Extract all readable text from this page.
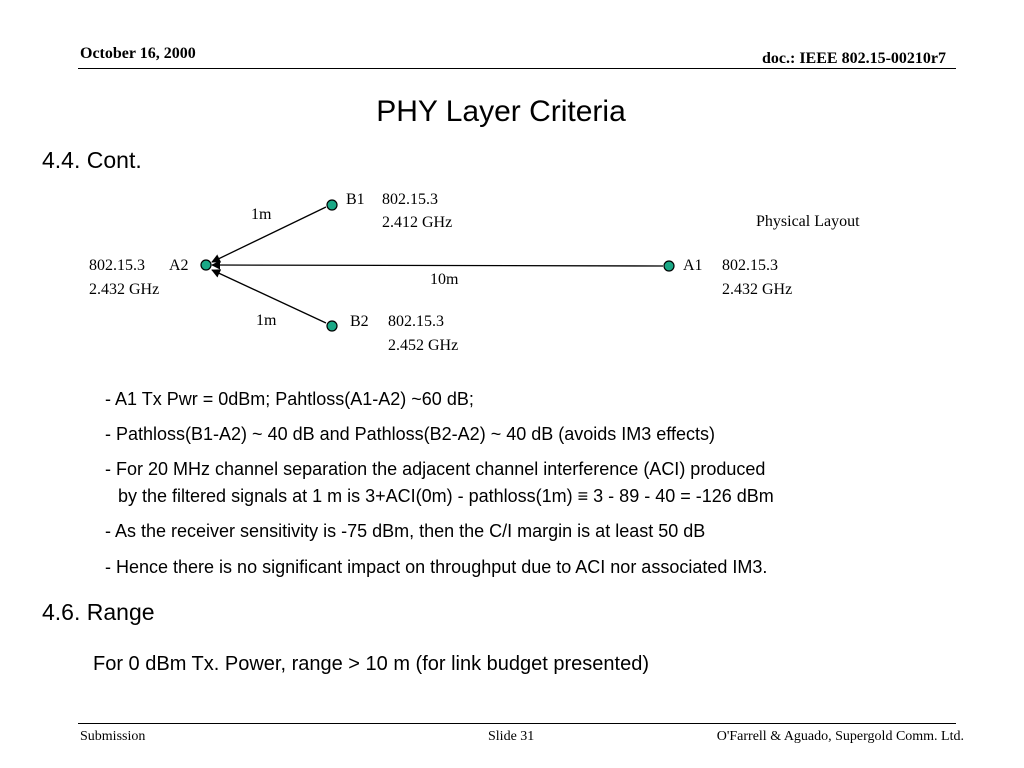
October 16, 2000	doc.: IEEE 802.15-00210r7
PHY Layer Criteria
4.4. Cont.
B1 802.15.3
2.412 GHz
1m	Physical Layout
802.15.3 A2
2.432 GHz
10m
A1 802.15.3
2.432 GHz
1m	B2 802.15.3
2.452 GHz
- A1 Tx Pwr = 0dBm; Pahtloss(A1-A2) ~60 dB;
- Pathloss(B1-A2) ~ 40 dB and Pathloss(B2-A2) ~ 40 dB (avoids IM3 effects)
- For 20 MHz channel separation the adjacent channel interference (ACI) produced
by the filtered signals at 1 m is 3+ACI(0m) - pathloss(1m) ≡ 3 - 89 - 40 = -126 dBm
- As the receiver sensitivity is -75 dBm, then the C/I margin is at least 50 dB
- Hence there is no significant impact on throughput due to ACI nor associated IM3.
4.6. Range
For 0 dBm Tx. Power, range > 10 m (for link budget presented)
Submission	Slide 31	O'Farrell & Aguado, Supergold Comm. Ltd.
